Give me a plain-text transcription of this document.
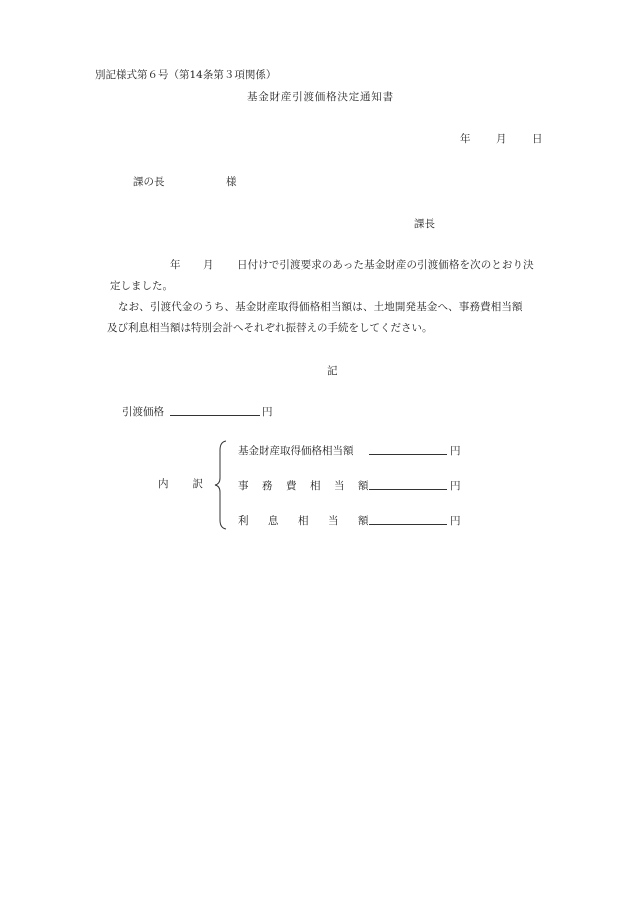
別記様式第６号（第14条第３項関係）
基金財産引渡価格決定通知書
年 月 日
課の長	様
課長
年 月 日付けで引渡要求のあった基金財産の引渡価格を次のとおり決
定しました。
なお、引渡代金のうち、基金財産取得価格相当額は、土地開発基金へ、事務費相当額
及び利息相当額は特別会計へそれぞれ振替えの手続をしてください。
記
引渡価格	円
内訳
基金財産取得価格相当額	円
事務費相当額	円
利息相当額	円
